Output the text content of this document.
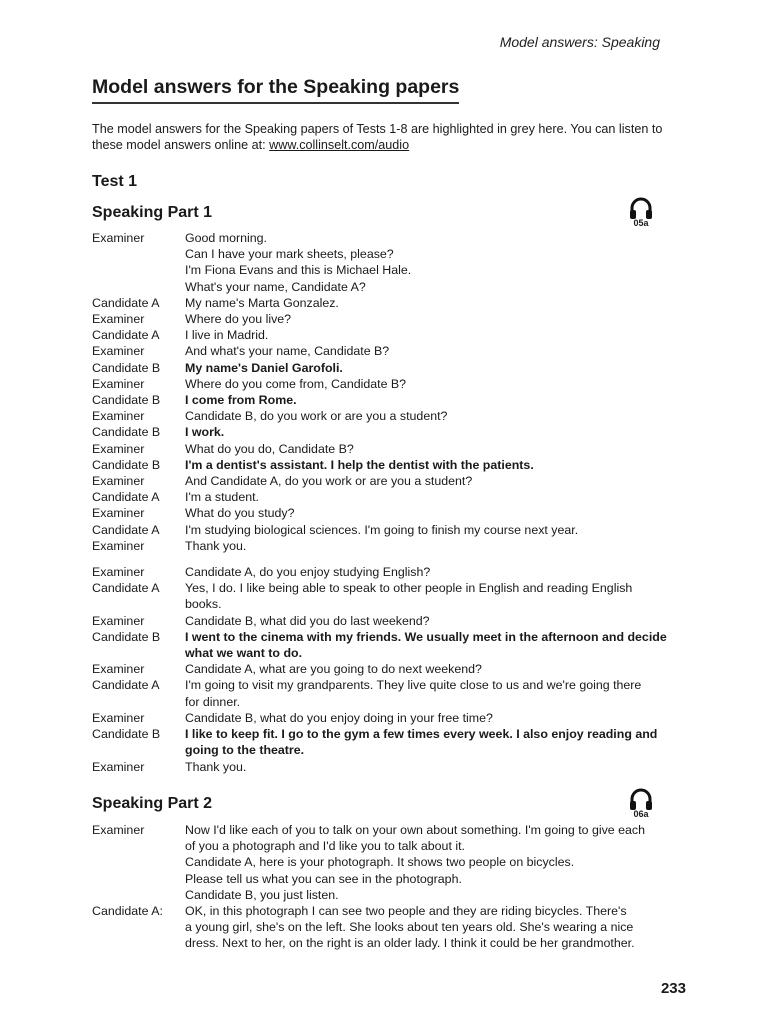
Model answers: Speaking
Model answers for the Speaking papers

The model answers for the Speaking papers of Tests 1-8 are highlighted in grey here. You can listen to these model answers online at: www.collinselt.com/audio

Test 1
Speaking Part 1
05a
Examiner	Good morning.
Can I have your mark sheets, please?
I'm Fiona Evans and this is Michael Hale.
What's your name, Candidate A?
Candidate A	My name's Marta Gonzalez.
Examiner	Where do you live?
Candidate A	I live in Madrid.
Examiner	And what's your name, Candidate B?
Candidate B	My name's Daniel Garofoli.
Examiner	Where do you come from, Candidate B?
Candidate B	I come from Rome.
Examiner	Candidate B, do you work or are you a student?
Candidate B	I work.
Examiner	What do you do, Candidate B?
Candidate B	I'm a dentist's assistant. I help the dentist with the patients.
Examiner	And Candidate A, do you work or are you a student?
Candidate A	I'm a student.
Examiner	What do you study?
Candidate A	I'm studying biological sciences. I'm going to finish my course next year.
Examiner	Thank you.
Examiner	Candidate A, do you enjoy studying English?
Candidate A	Yes, I do. I like being able to speak to other people in English and reading English
books.
Examiner	Candidate B, what did you do last weekend?
Candidate B	I went to the cinema with my friends. We usually meet in the afternoon and decide
what we want to do.
Examiner	Candidate A, what are you going to do next weekend?
Candidate A	I'm going to visit my grandparents. They live quite close to us and we're going there
for dinner.
Examiner	Candidate B, what do you enjoy doing in your free time?
Candidate B	I like to keep fit. I go to the gym a few times every week. I also enjoy reading and
going to the theatre.
Examiner	Thank you.
Speaking Part 2
06a
Examiner	Now I'd like each of you to talk on your own about something. I'm going to give each
of you a photograph and I'd like you to talk about it.
Candidate A, here is your photograph. It shows two people on bicycles.
Please tell us what you can see in the photograph.
Candidate B, you just listen.
Candidate A:	OK, in this photograph I can see two people and they are riding bicycles. There's
a young girl, she's on the left. She looks about ten years old. She's wearing a nice
dress. Next to her, on the right is an older lady. I think it could be her grandmother.
233
